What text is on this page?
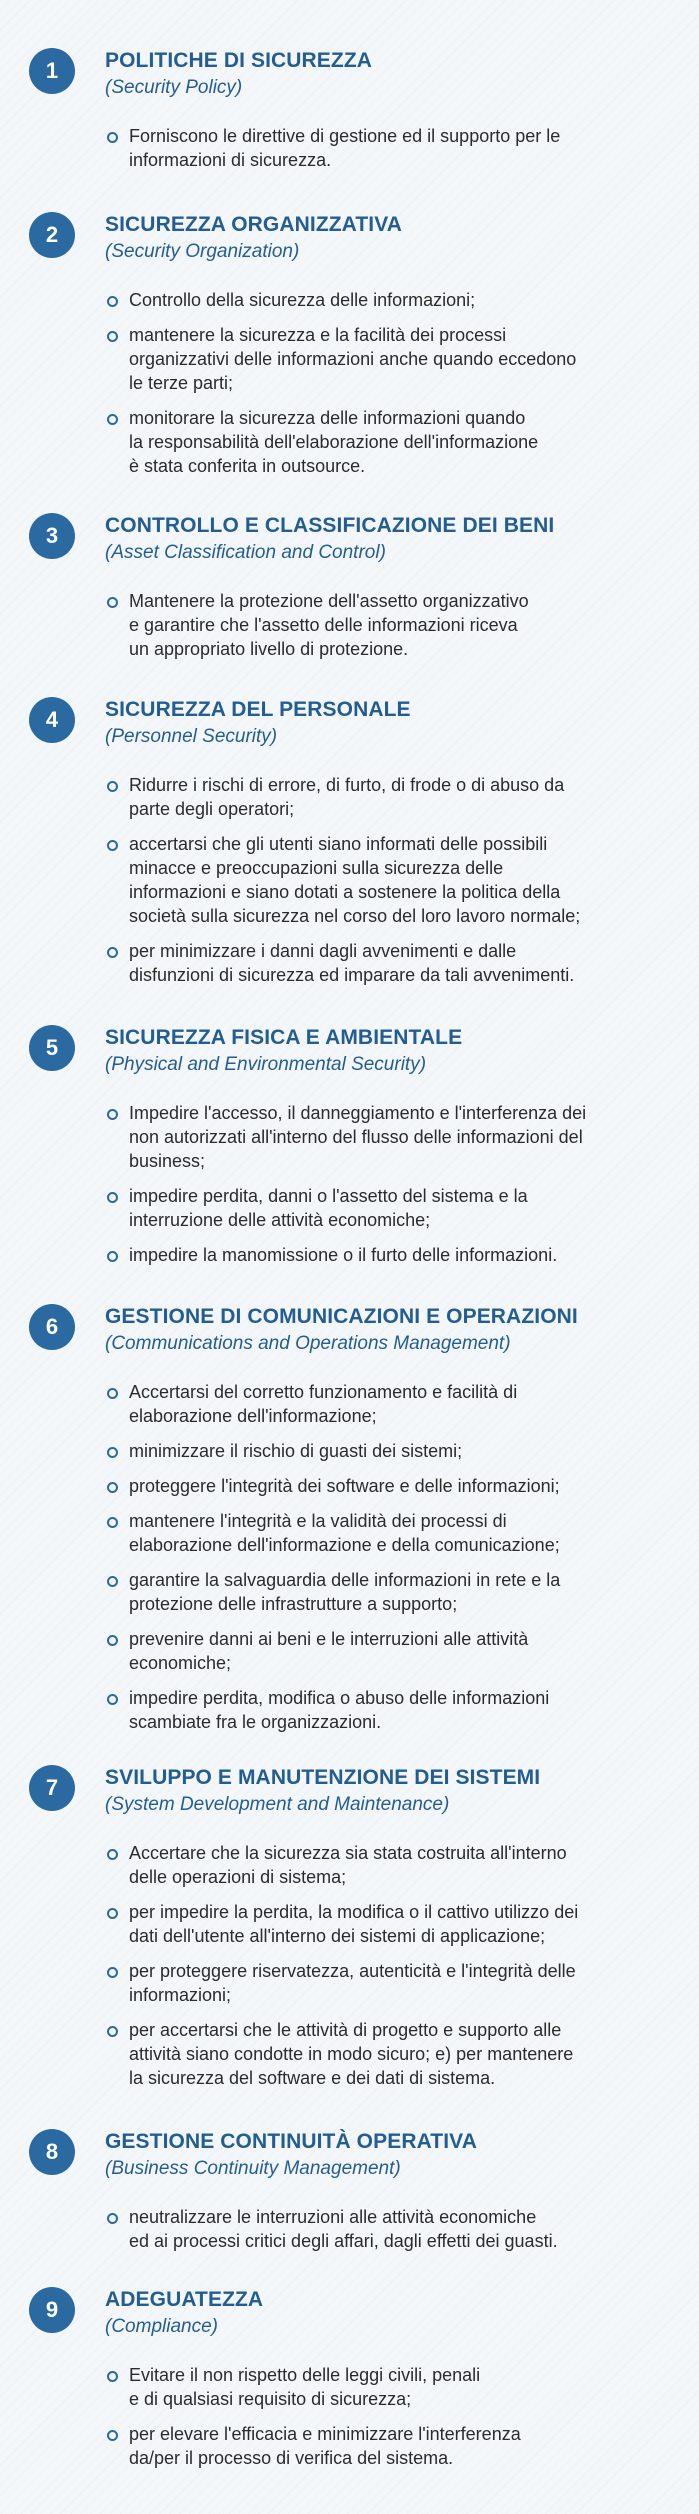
1	POLITICHE DI SICUREZZA

(Security Policy)

Forniscono le direttive di gestione ed il supporto per le
informazioni di sicurezza.
2	SICUREZZA ORGANIZZATIVA

(Security Organization)

Controllo della sicurezza delle informazioni;
mantenere la sicurezza e la facilità dei processi
organizzativi delle informazioni anche quando eccedono
le terze parti;
monitorare la sicurezza delle informazioni quando
la responsabilità dell'elaborazione dell'informazione
è stata conferita in outsource.
3	CONTROLLO E CLASSIFICAZIONE DEI BENI

(Asset Classification and Control)

Mantenere la protezione dell'assetto organizzativo
e garantire che l'assetto delle informazioni riceva
un appropriato livello di protezione.
4	SICUREZZA DEL PERSONALE

(Personnel Security)

Ridurre i rischi di errore, di furto, di frode o di abuso da
parte degli operatori;
accertarsi che gli utenti siano informati delle possibili
minacce e preoccupazioni sulla sicurezza delle
informazioni e siano dotati a sostenere la politica della
società sulla sicurezza nel corso del loro lavoro normale;
per minimizzare i danni dagli avvenimenti e dalle
disfunzioni di sicurezza ed imparare da tali avvenimenti.
5	SICUREZZA FISICA E AMBIENTALE

(Physical and Environmental Security)

Impedire l'accesso, il danneggiamento e l'interferenza dei
non autorizzati all'interno del flusso delle informazioni del
business;
impedire perdita, danni o l'assetto del sistema e la
interruzione delle attività economiche;
impedire la manomissione o il furto delle informazioni.
6	GESTIONE DI COMUNICAZIONI E OPERAZIONI

(Communications and Operations Management)

Accertarsi del corretto funzionamento e facilità di
elaborazione dell'informazione;
minimizzare il rischio di guasti dei sistemi;
proteggere l'integrità dei software e delle informazioni;
mantenere l'integrità e la validità dei processi di
elaborazione dell'informazione e della comunicazione;
garantire la salvaguardia delle informazioni in rete e la
protezione delle infrastrutture a supporto;
prevenire danni ai beni e le interruzioni alle attività
economiche;
impedire perdita, modifica o abuso delle informazioni
scambiate fra le organizzazioni.
7	SVILUPPO E MANUTENZIONE DEI SISTEMI

(System Development and Maintenance)

Accertare che la sicurezza sia stata costruita all'interno
delle operazioni di sistema;
per impedire la perdita, la modifica o il cattivo utilizzo dei
dati dell'utente all'interno dei sistemi di applicazione;
per proteggere riservatezza, autenticità e l'integrità delle
informazioni;
per accertarsi che le attività di progetto e supporto alle
attività siano condotte in modo sicuro; e) per mantenere
la sicurezza del software e dei dati di sistema.
8	GESTIONE CONTINUITÀ OPERATIVA

(Business Continuity Management)

neutralizzare le interruzioni alle attività economiche
ed ai processi critici degli affari, dagli effetti dei guasti.
9	ADEGUATEZZA

(Compliance)

Evitare il non rispetto delle leggi civili, penali
e di qualsiasi requisito di sicurezza;
per elevare l'efficacia e minimizzare l'interferenza
da/per il processo di verifica del sistema.
